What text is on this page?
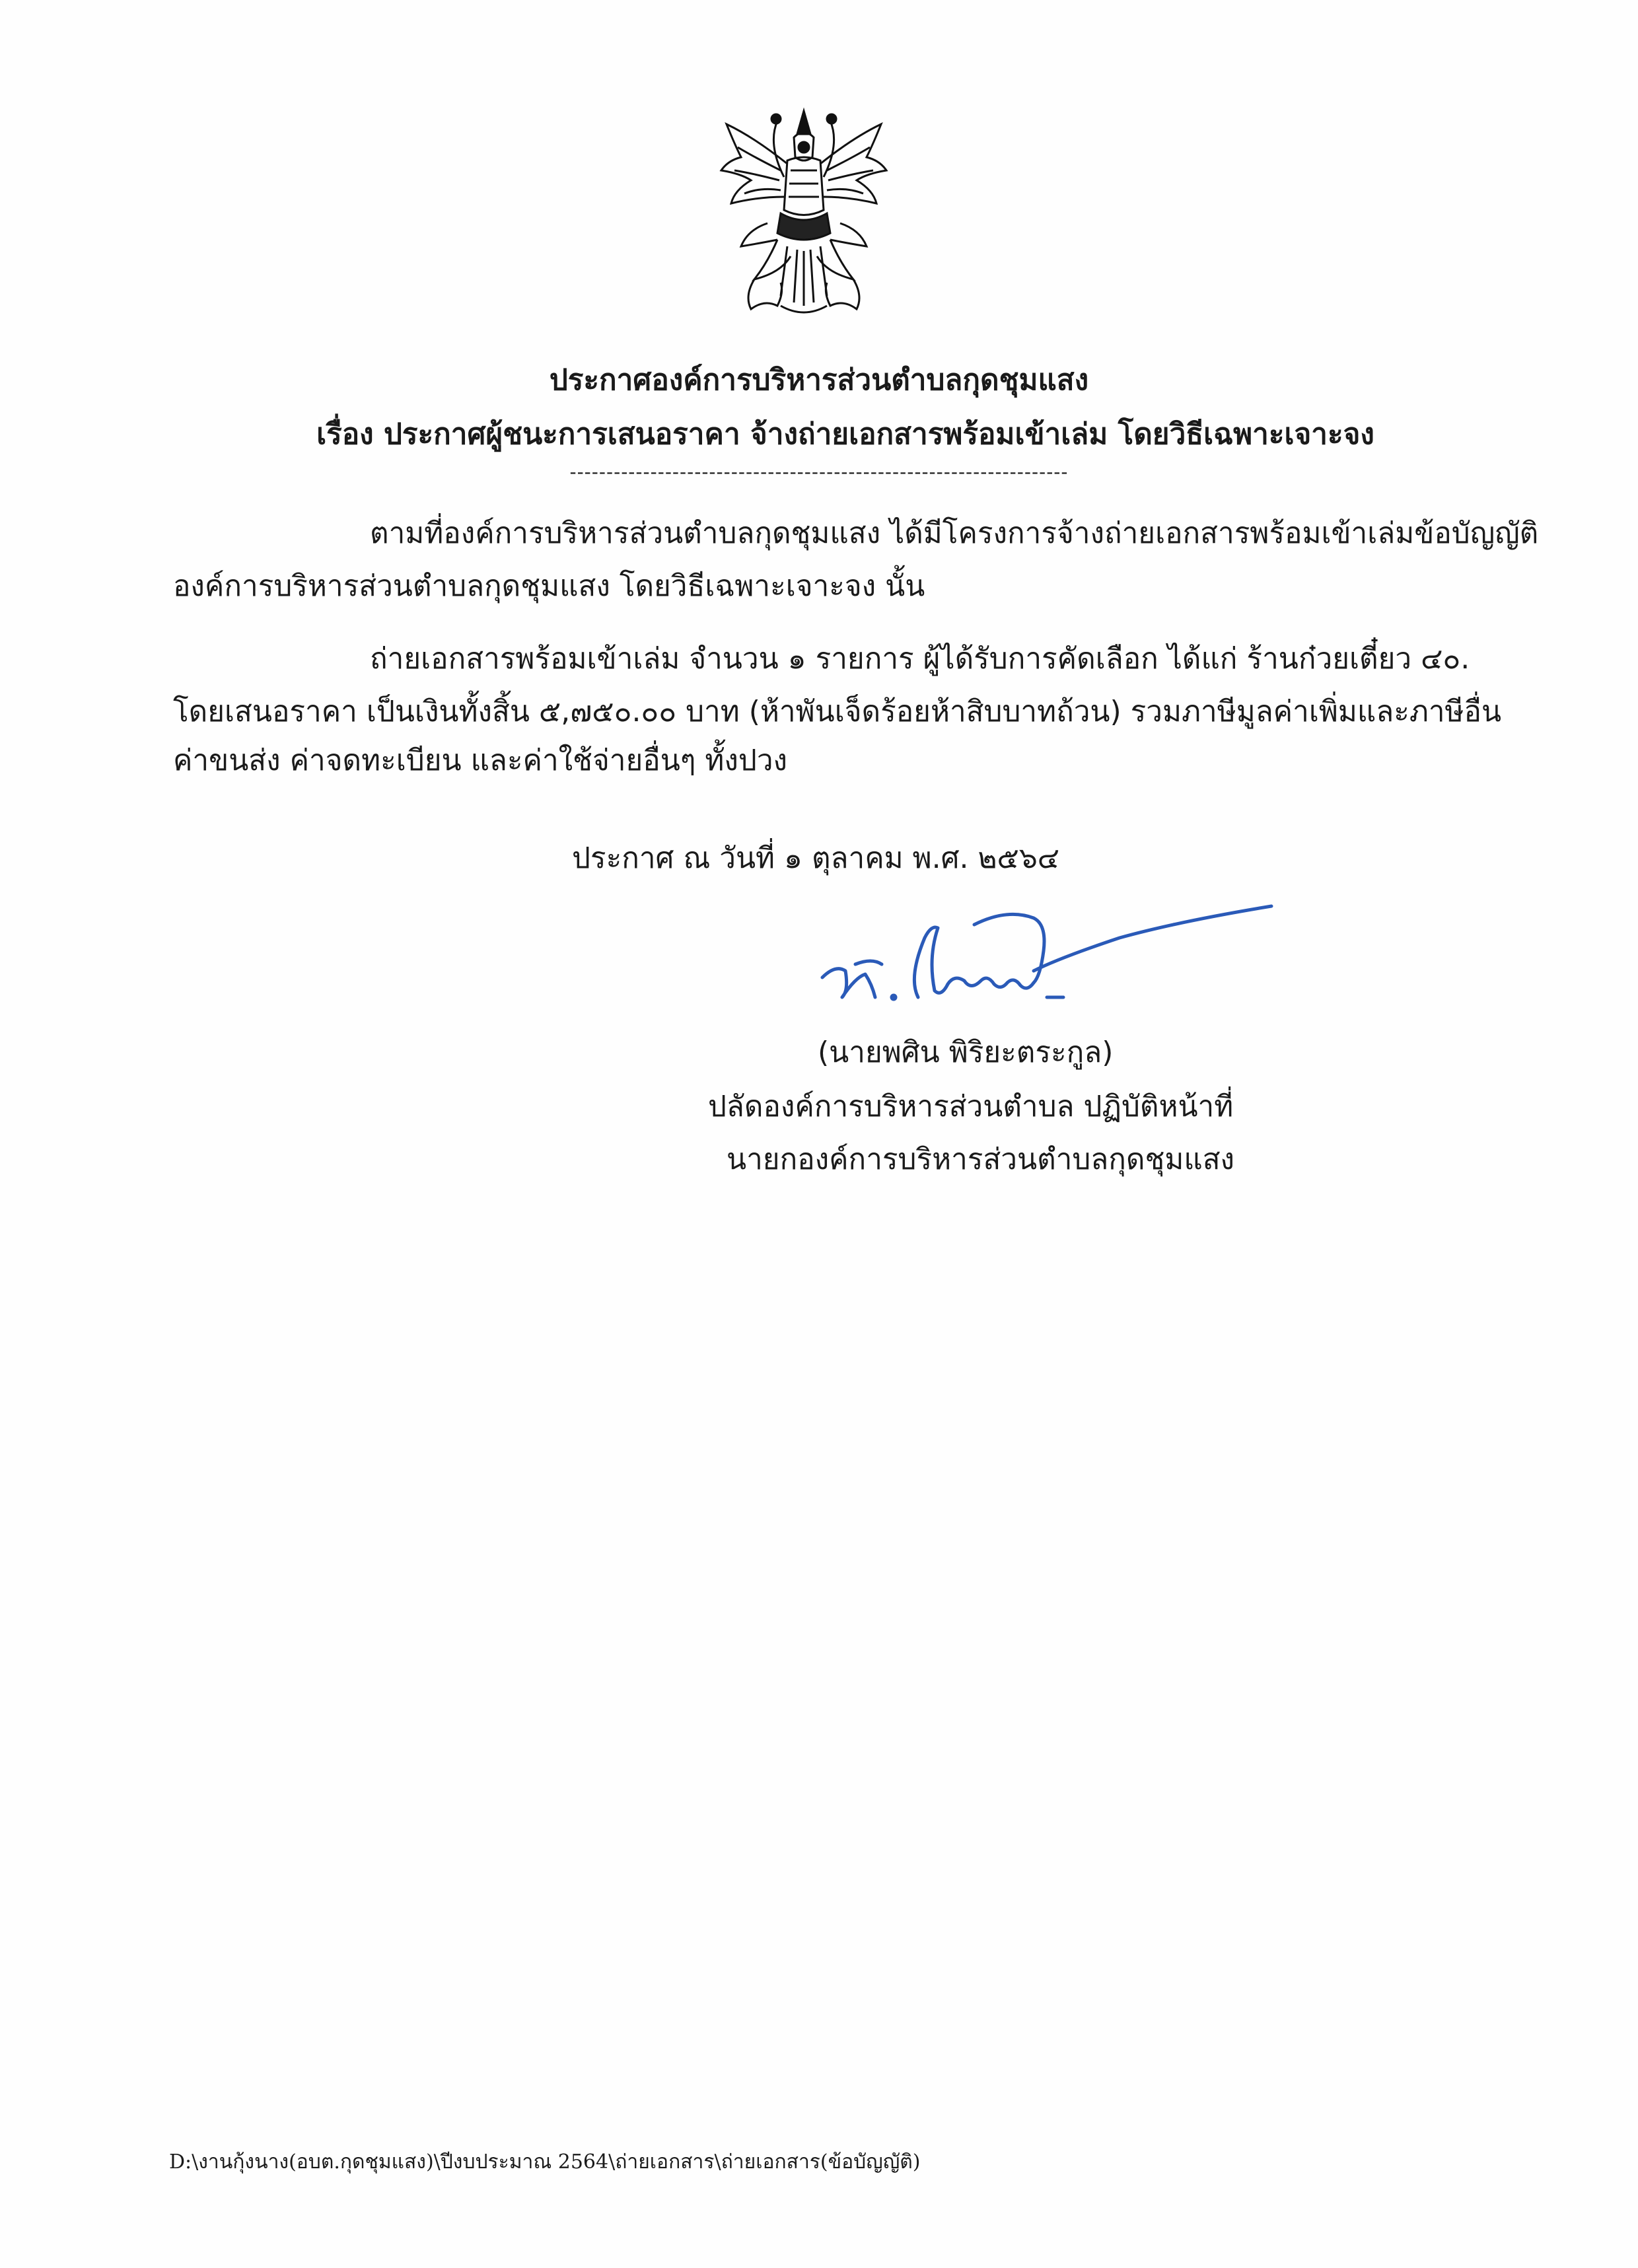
ประกาศองค์การบริหารส่วนตำบลกุดชุมแสง
เรื่อง ประกาศผู้ชนะการเสนอราคา จ้างถ่ายเอกสารพร้อมเข้าเล่ม โดยวิธีเฉพาะเจาะจง
--------------------------------------------------------------------
ตามที่องค์การบริหารส่วนตำบลกุดชุมแสง ได้มีโครงการจ้างถ่ายเอกสารพร้อมเข้าเล่มข้อบัญญัติ
องค์การบริหารส่วนตำบลกุดชุมแสง โดยวิธีเฉพาะเจาะจง นั้น
ถ่ายเอกสารพร้อมเข้าเล่ม จำนวน ๑ รายการ ผู้ได้รับการคัดเลือก ได้แก่ ร้านก๋วยเตี๋ยว ๔๐.
โดยเสนอราคา เป็นเงินทั้งสิ้น ๕,๗๕๐.๐๐ บาท (ห้าพันเจ็ดร้อยห้าสิบบาทถ้วน) รวมภาษีมูลค่าเพิ่มและภาษีอื่น
ค่าขนส่ง ค่าจดทะเบียน และค่าใช้จ่ายอื่นๆ ทั้งปวง
ประกาศ ณ วันที่ ๑ ตุลาคม พ.ศ. ๒๕๖๔
(นายพศิน พิริยะตระกูล)
ปลัดองค์การบริหารส่วนตำบล ปฏิบัติหน้าที่
นายกองค์การบริหารส่วนตำบลกุดชุมแสง
D:\งานกุ้งนาง(อบต.กุดชุมแสง)\ปีงบประมาณ 2564\ถ่ายเอกสาร\ถ่ายเอกสาร(ข้อบัญญัติ)
